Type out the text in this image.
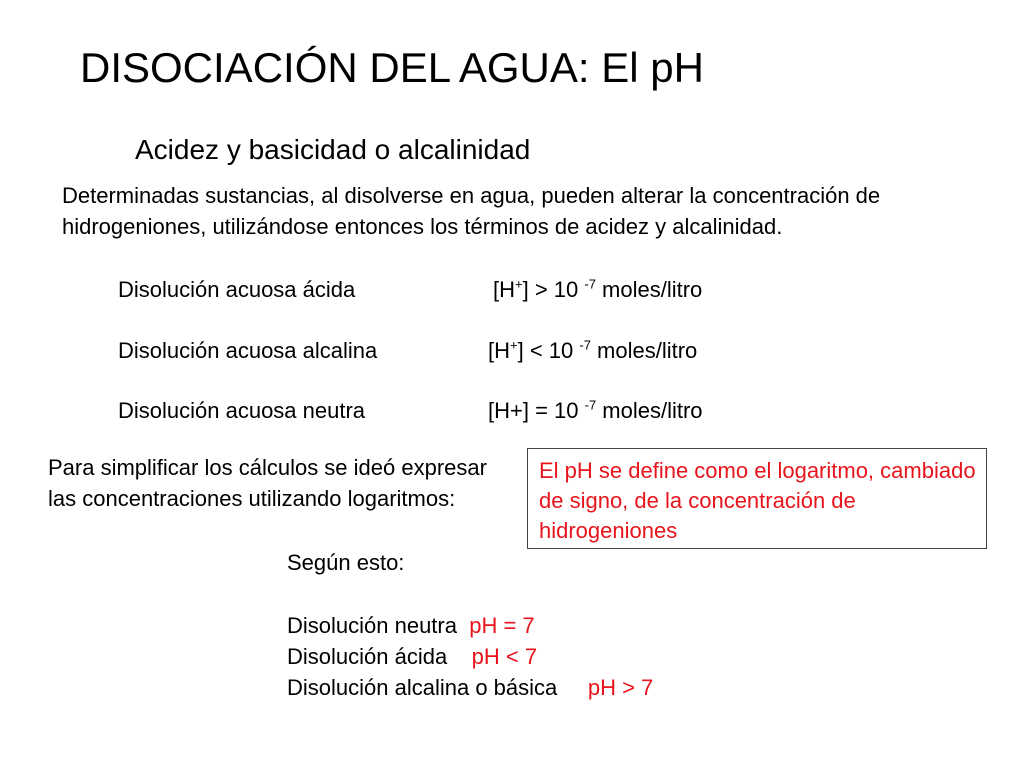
DISOCIACIÓN DEL AGUA: El pH
Acidez y basicidad o alcalinidad
Determinadas sustancias, al disolverse en agua, pueden alterar la concentración de hidrogeniones, utilizándose entonces los términos de acidez y alcalinidad.
Disolución acuosa ácida	[H+] > 10 $^{-7}$ moles/litro
Disolución acuosa alcalina	[H+] < 10 $^{-7}$ moles/litro
Disolución acuosa neutra	[H+] = 10 $^{-7}$ moles/litro
Para simplificar los cálculos se ideó expresar las concentraciones utilizando logaritmos:
El pH se define como el logaritmo, cambiado de signo, de la concentración de hidrogeniones
Según esto:
Disolución neutra pH = 7
Disolución ácida pH < 7
Disolución alcalina o básica pH > 7
